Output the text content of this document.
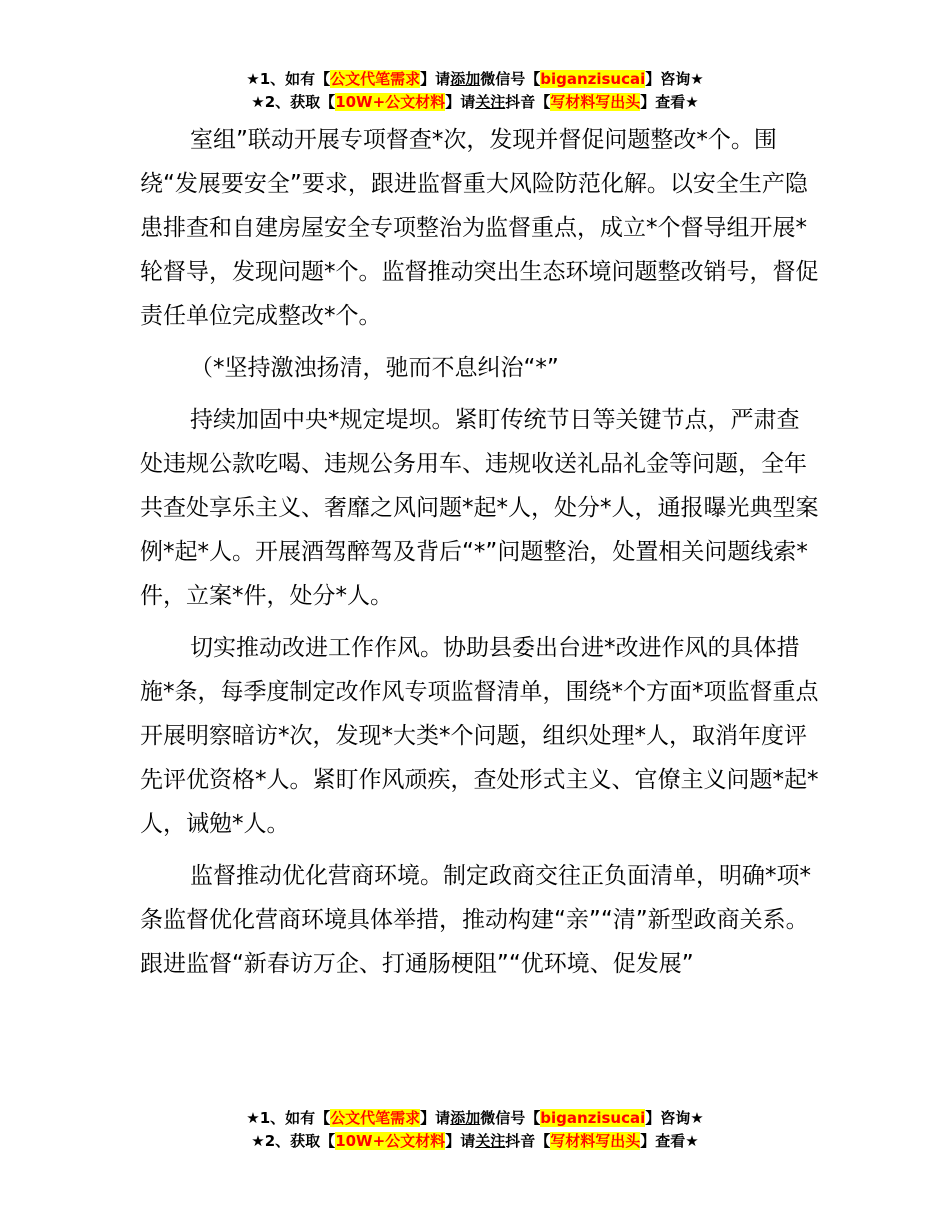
★1、如有【公文代笔需求】请添加微信号【biganzisucai】咨询★
★2、获取【10W+公文材料】请关注抖音【写材料写出头】查看★

室组”联动开展专项督查*次，发现并督促问题整改*个。围绕“发展要安全”要求，跟进监督重大风险防范化解。以安全生产隐患排查和自建房屋安全专项整治为监督重点，成立*个督导组开展*轮督导，发现问题*个。监督推动突出生态环境问题整改销号，督促责任单位完成整改*个。

（*坚持激浊扬清，驰而不息纠治“*”

持续加固中央*规定堤坝。紧盯传统节日等关键节点，严肃查处违规公款吃喝、违规公务用车、违规收送礼品礼金等问题，全年共查处享乐主义、奢靡之风问题*起*人，处分*人，通报曝光典型案例*起*人。开展酒驾醉驾及背后“*”问题整治，处置相关问题线索*件，立案*件，处分*人。

切实推动改进工作作风。协助县委出台进*改进作风的具体措施*条，每季度制定改作风专项监督清单，围绕*个方面*项监督重点开展明察暗访*次，发现*大类*个问题，组织处理*人，取消年度评先评优资格*人。紧盯作风顽疾，查处形式主义、官僚主义问题*起*人，诫勉*人。

监督推动优化营商环境。制定政商交往正负面清单，明确*项*条监督优化营商环境具体举措，推动构建“亲”“清”新型政商关系。跟进监督“新春访万企、打通肠梗阻”“优环境、促发展”

★1、如有【公文代笔需求】请添加微信号【biganzisucai】咨询★
★2、获取【10W+公文材料】请关注抖音【写材料写出头】查看★
